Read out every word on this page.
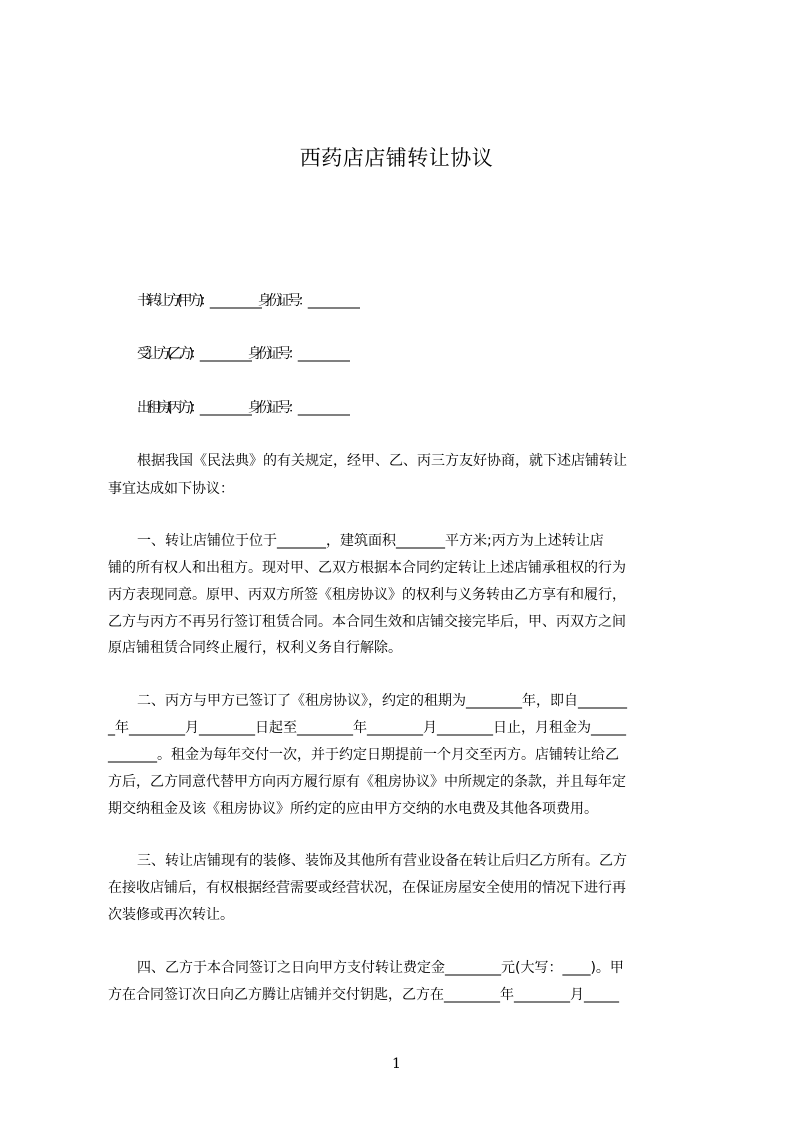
西药店店铺转让协议
书转让方(甲方)：________________身份证号：________________
受让方(乙方)：________________身份证号：________________
出租房(丙方)：________________身份证号：________________
根据我国《民法典》的有关规定，经甲、乙、丙三方友好协商，就下述店铺转让
事宜达成如下协议：
一、转让店铺位于位于_______，建筑面积_______平方米;丙方为上述转让店
铺的所有权人和出租方。现对甲、乙双方根据本合同约定转让上述店铺承租权的行为
丙方表现同意。原甲、丙双方所签《租房协议》的权利与义务转由乙方享有和履行，
乙方与丙方不再另行签订租赁合同。本合同生效和店铺交接完毕后，甲、丙双方之间
原店铺租赁合同终止履行，权利义务自行解除。
二、丙方与甲方已签订了《租房协议》，约定的租期为________年，即自_______
_年________月________日起至________年________月________日止，月租金为_____
_______。租金为每年交付一次，并于约定日期提前一个月交至丙方。店铺转让给乙
方后，乙方同意代替甲方向丙方履行原有《租房协议》中所规定的条款，并且每年定
期交纳租金及该《租房协议》所约定的应由甲方交纳的水电费及其他各项费用。
三、转让店铺现有的装修、装饰及其他所有营业设备在转让后归乙方所有。乙方
在接收店铺后，有权根据经营需要或经营状况，在保证房屋安全使用的情况下进行再
次装修或再次转让。
四、乙方于本合同签订之日向甲方支付转让费定金________元(大写：____)。甲
方在合同签订次日向乙方腾让店铺并交付钥匙，乙方在________年________月_____
1
